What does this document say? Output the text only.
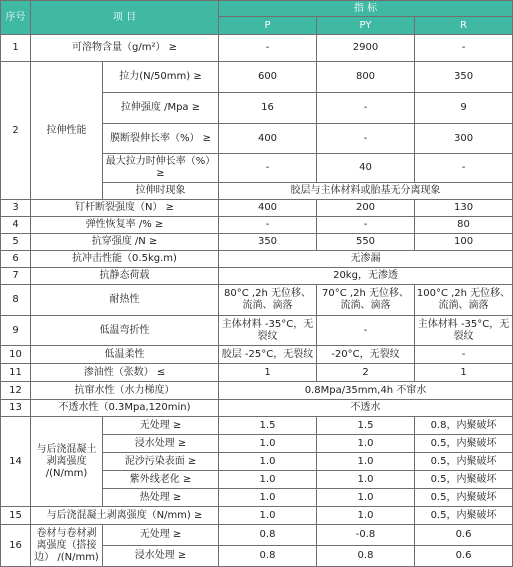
序号	项 目		指 标		
			P	PY	R
1	可溶物含量（g/m²） ≥		-	2900	-
2	拉伸性能	拉力(N/50mm) ≥	600	800	350
		拉伸强度 /Mpa ≥	16	-	9
		膜断裂伸长率（%） ≥	400	-	300
		最大拉力时伸长率（%） ≥	-	40	-
		拉伸时现象	胶层与主体材料或胎基无分离现象		
3	钉杆断裂强度（N） ≥		400	200	130
4	弹性恢复率 /% ≥		-	-	80
5	抗穿强度 /N ≥		350	550	100
6	抗冲击性能（0.5kg.m)		无渗漏		
7	抗静态荷载		20kg，无渗透		
8	耐热性		80°C ,2h 无位移、流淌、滴落	70°C ,2h 无位移、流淌、滴落	100°C ,2h 无位移、流淌、滴落
9	低温弯折性		主体材料 -35°C，无裂纹	-	主体材料 -35°C，无裂纹
10	低温柔性		胶层 -25°C，无裂纹	-20°C，无裂纹	-
11	渗油性（张数） ≤		1	2	1
12	抗窜水性（水力梯度）		0.8Mpa/35mm,4h 不窜水		
13	不透水性（0.3Mpa,120min)		不透水		
14	与后浇混凝土剥离强度 /(N/mm)	无处理 ≥	1.5	1.5	0.8，内聚破坏
		浸水处理 ≥	1.0	1.0	0.5，内聚破坏
		泥沙污染表面 ≥	1.0	1.0	0.5，内聚破坏
		紫外线老化 ≥	1.0	1.0	0.5，内聚破坏
		热处理 ≥	1.0	1.0	0.5，内聚破坏
15	与后浇混凝土剥离强度（N/mm) ≥		1.0	1.0	0.5，内聚破坏
16	卷材与卷材剥离强度（搭接边） /(N/mm)	无处理 ≥	0.8	-0.8	0.6
		浸水处理 ≥	0.8	0.8	0.6
